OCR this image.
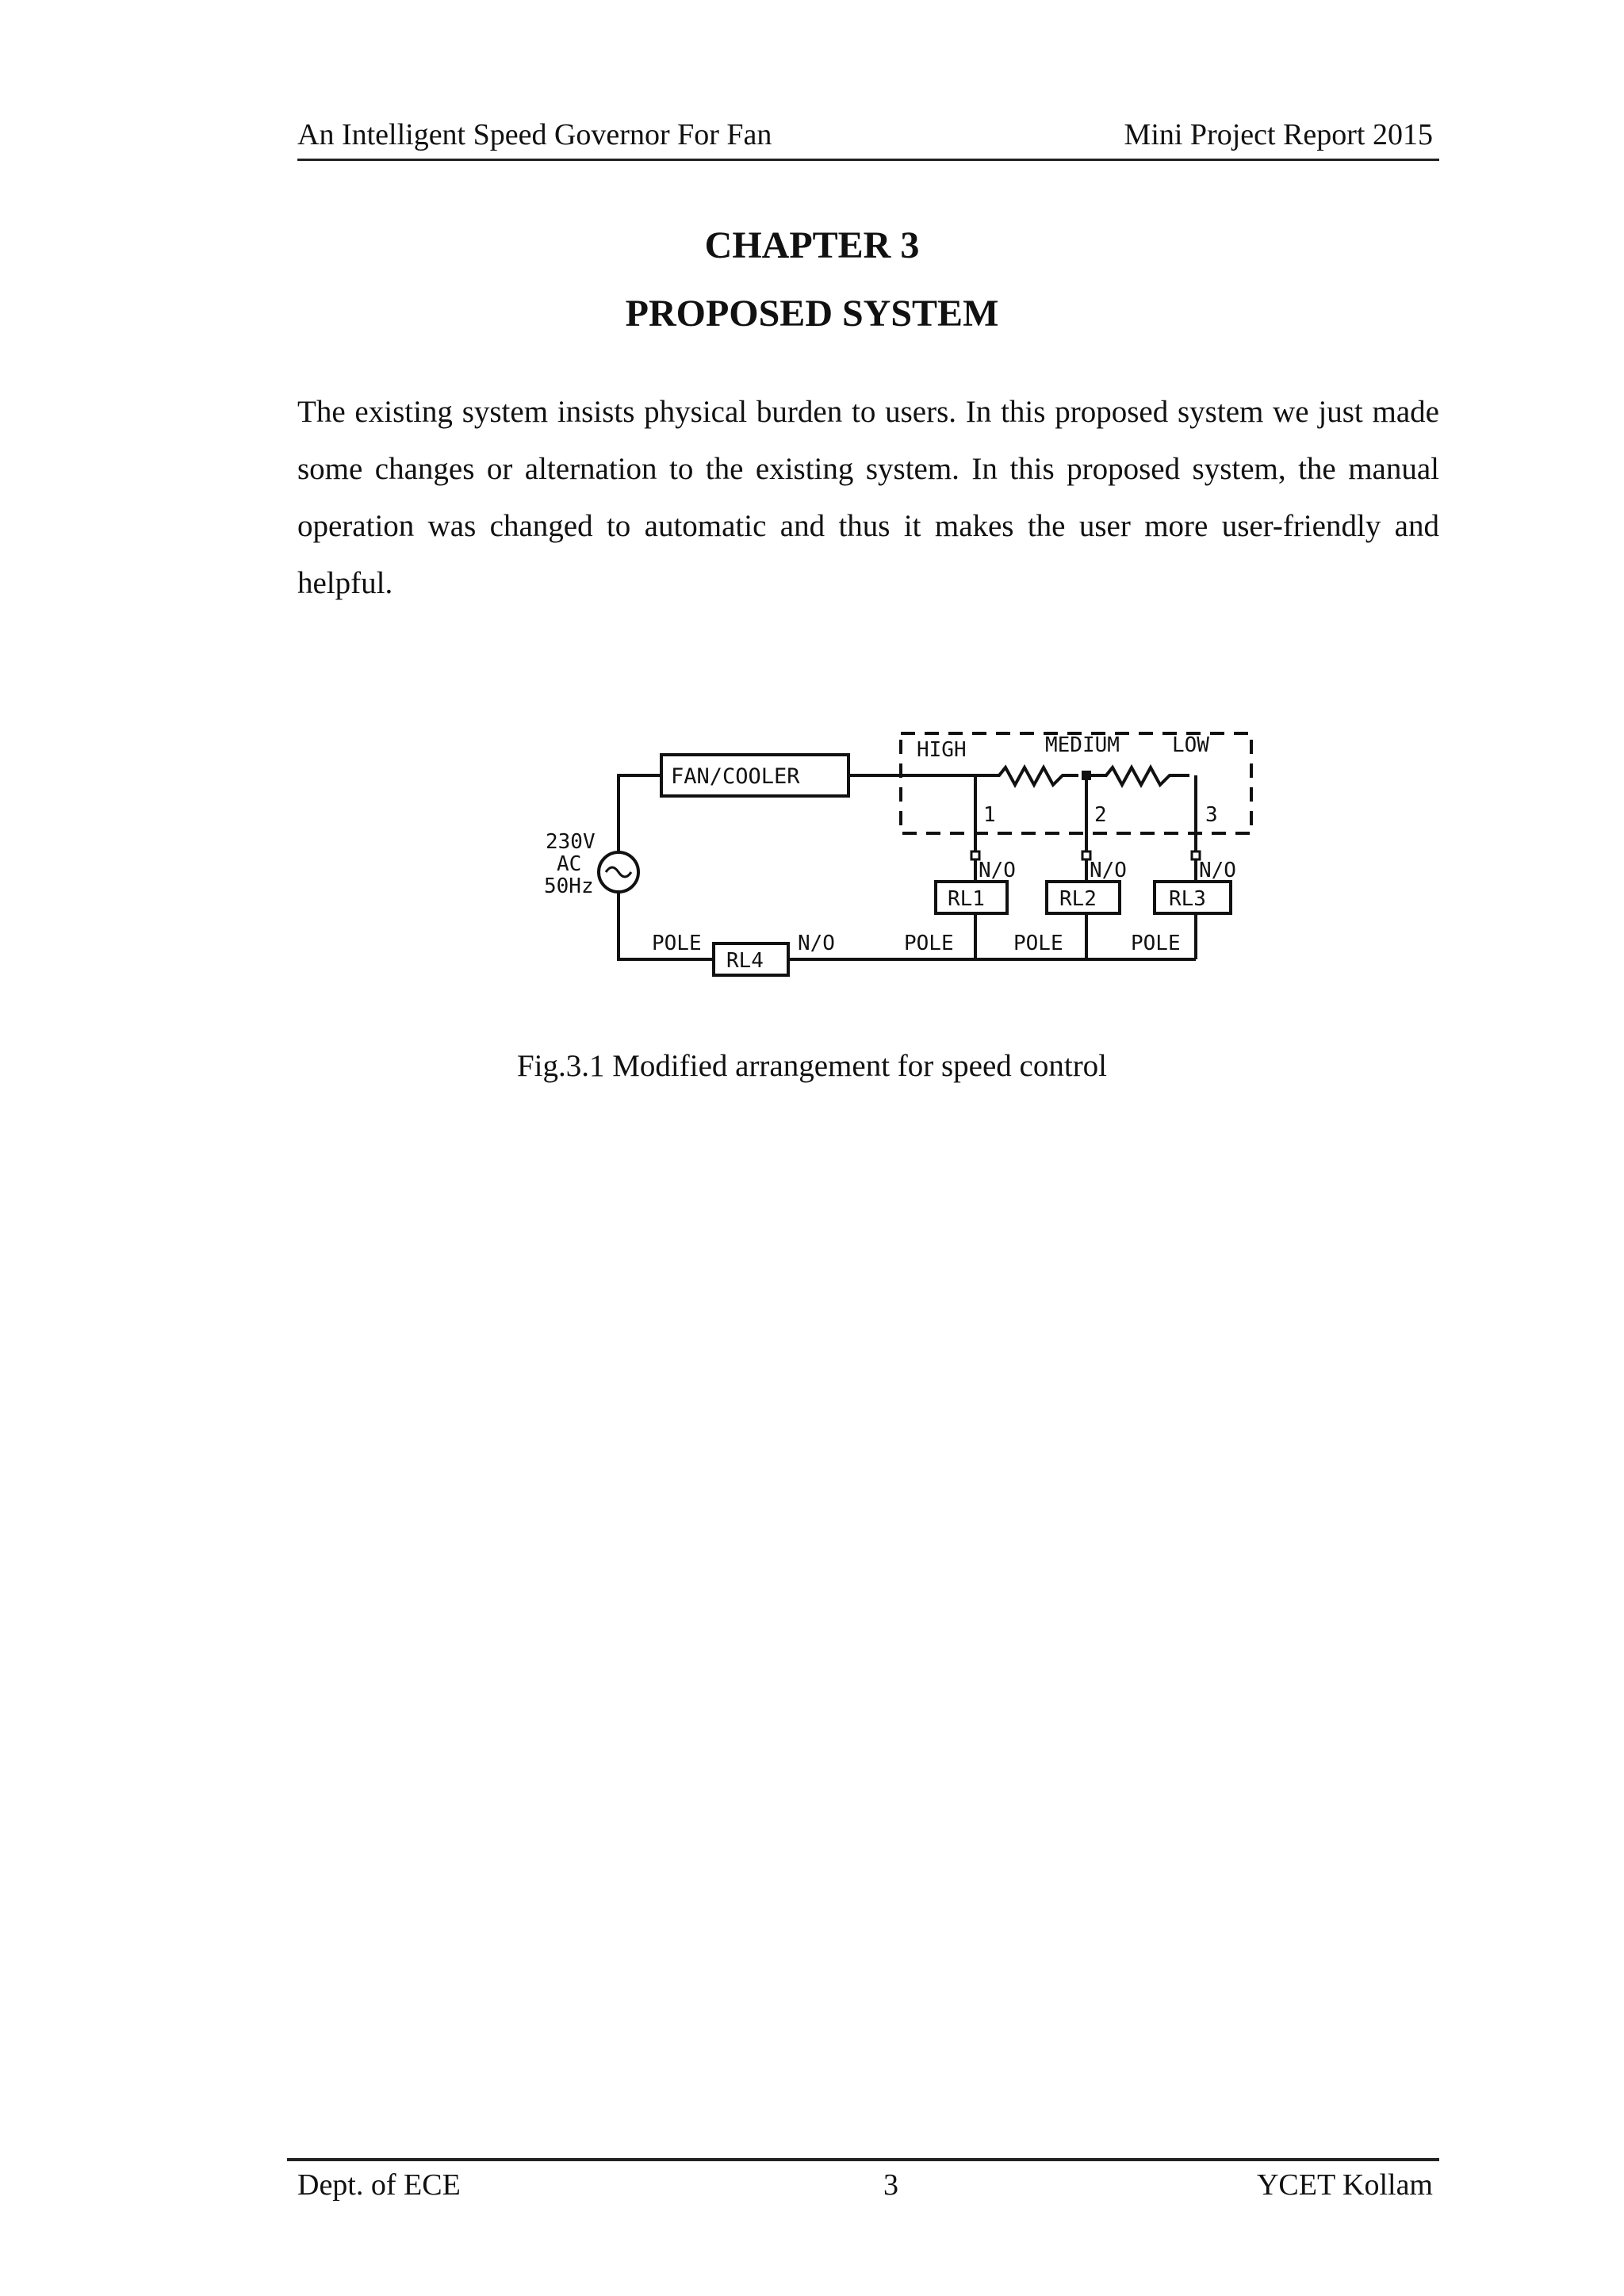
An Intelligent Speed Governor For Fan	Mini Project Report 2015
CHAPTER 3
PROPOSED SYSTEM

The existing system insists physical burden to users. In this proposed system we just made some changes or alternation to the existing system. In this proposed system, the manual operation was changed to automatic and thus it makes the user more user-friendly and helpful.

230V
AC
50Hz
FAN/COOLER
HIGH	MEDIUM	LOW
1	2	3
N/O	N/O	N/O
RL1	RL2	RL3
RL4
POLE	N/O	POLE	POLE	POLE
Fig.3.1 Modified arrangement for speed control
Dept. of ECE	3	YCET Kollam
